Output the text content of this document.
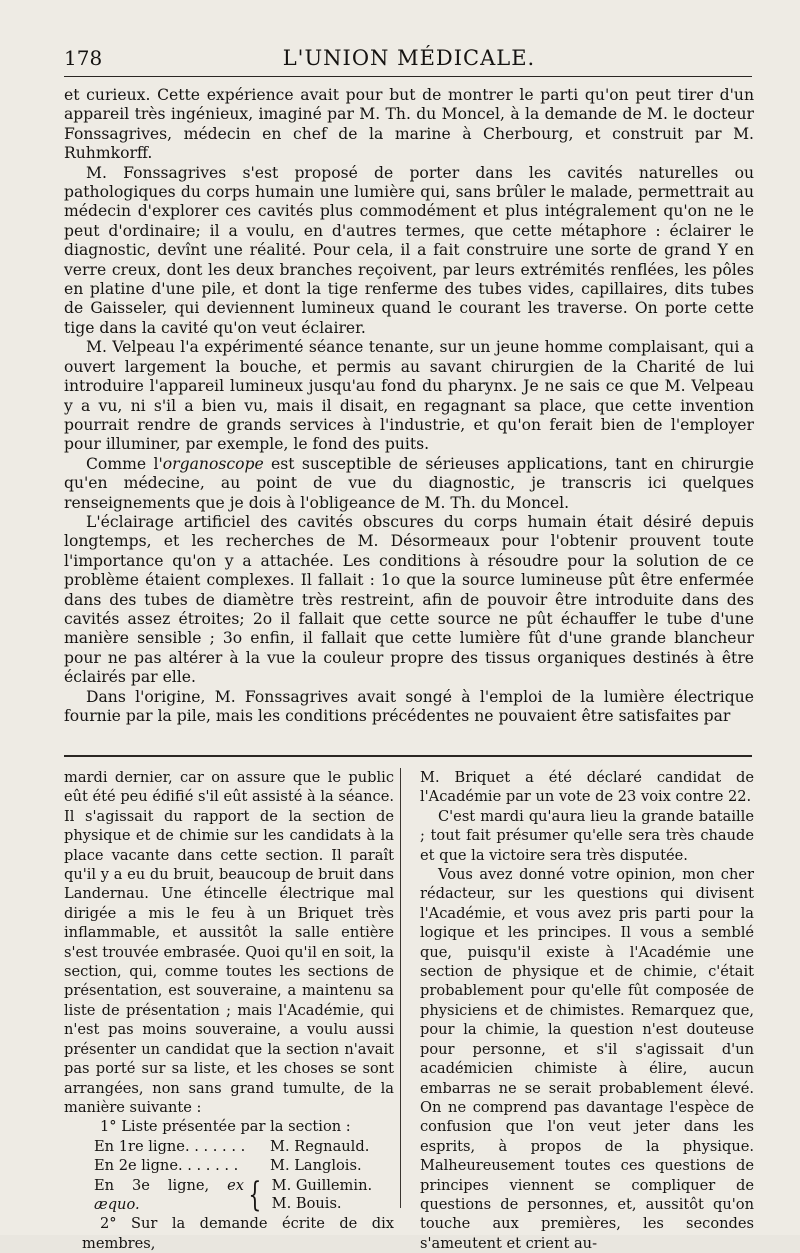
178	L'UNION MÉDICALE.

et curieux. Cette expérience avait pour but de montrer le parti qu'on peut tirer d'un appareil très ingénieux, imaginé par M. Th. du Moncel, à la demande de M. le docteur Fonssagrives, médecin en chef de la marine à Cherbourg, et construit par M. Ruhmkorff.

M. Fonssagrives s'est proposé de porter dans les cavités naturelles ou pathologiques du corps humain une lumière qui, sans brûler le malade, permettrait au médecin d'explorer ces cavités plus commodément et plus intégralement qu'on ne le peut d'ordinaire; il a voulu, en d'autres termes, que cette métaphore : éclairer le diagnostic, devînt une réalité. Pour cela, il a fait construire une sorte de grand Y en verre creux, dont les deux branches reçoivent, par leurs extrémités renflées, les pôles en platine d'une pile, et dont la tige renferme des tubes vides, capillaires, dits tubes de Gaisseler, qui deviennent lumineux quand le courant les traverse. On porte cette tige dans la cavité qu'on veut éclairer.

M. Velpeau l'a expérimenté séance tenante, sur un jeune homme complaisant, qui a ouvert largement la bouche, et permis au savant chirurgien de la Charité de lui introduire l'appareil lumineux jusqu'au fond du pharynx. Je ne sais ce que M. Velpeau y a vu, ni s'il a bien vu, mais il disait, en regagnant sa place, que cette invention pourrait rendre de grands services à l'industrie, et qu'on ferait bien de l'employer pour illuminer, par exemple, le fond des puits.

Comme l'organoscope est susceptible de sérieuses applications, tant en chirurgie qu'en médecine, au point de vue du diagnostic, je transcris ici quelques renseignements que je dois à l'obligeance de M. Th. du Moncel.

L'éclairage artificiel des cavités obscures du corps humain était désiré depuis longtemps, et les recherches de M. Désormeaux pour l'obtenir prouvent toute l'importance qu'on y a attachée. Les conditions à résoudre pour la solution de ce problème étaient complexes. Il fallait : 1o que la source lumineuse pût être enfermée dans des tubes de diamètre très restreint, afin de pouvoir être introduite dans des cavités assez étroites; 2o il fallait que cette source ne pût échauffer le tube d'une manière sensible ; 3o enfin, il fallait que cette lumière fût d'une grande blancheur pour ne pas altérer à la vue la couleur propre des tissus organiques destinés à être éclairés par elle.

Dans l'origine, M. Fonssagrives avait songé à l'emploi de la lumière électrique fournie par la pile, mais les conditions précédentes ne pouvaient être satisfaites par

mardi dernier, car on assure que le public eût été peu édifié s'il eût assisté à la séance. Il s'agissait du rapport de la section de physique et de chimie sur les candidats à la place vacante dans cette section. Il paraît qu'il y a eu du bruit, beaucoup de bruit dans Landernau. Une étincelle électrique mal dirigée a mis le feu à un Briquet très inflammable, et aussitôt la salle entière s'est trouvée embrasée. Quoi qu'il en soit, la section, qui, comme toutes les sections de présentation, est souveraine, a maintenu sa liste de présentation ; mais l'Académie, qui n'est pas moins souveraine, a voulu aussi présenter un candidat que la section n'avait pas porté sur sa liste, et les choses se sont arrangées, non sans grand tumulte, de la manière suivante :

1° Liste présentée par la section :

En 1re ligne. . . . . . .	M. Regnauld.
En 2e ligne. . . . . . .	M. Langlois.
En 3e ligne, ex æquo.	{ M. Guillemin.
M. Bouis.

2° Sur la demande écrite de dix membres,

M. Briquet a été déclaré candidat de l'Académie par un vote de 23 voix contre 22.

C'est mardi qu'aura lieu la grande bataille ; tout fait présumer qu'elle sera très chaude et que la victoire sera très disputée.

Vous avez donné votre opinion, mon cher rédacteur, sur les questions qui divisent l'Académie, et vous avez pris parti pour la logique et les principes. Il vous a semblé que, puisqu'il existe à l'Académie une section de physique et de chimie, c'était probablement pour qu'elle fût composée de physiciens et de chimistes. Remarquez que, pour la chimie, la question n'est douteuse pour personne, et s'il s'agissait d'un académicien chimiste à élire, aucun embarras ne se serait probablement élevé. On ne comprend pas davantage l'espèce de confusion que l'on veut jeter dans les esprits, à propos de la physique. Malheureusement toutes ces questions de principes viennent se compliquer de questions de personnes, et, aussitôt qu'on touche aux premières, les secondes s'ameutent et crient au-
